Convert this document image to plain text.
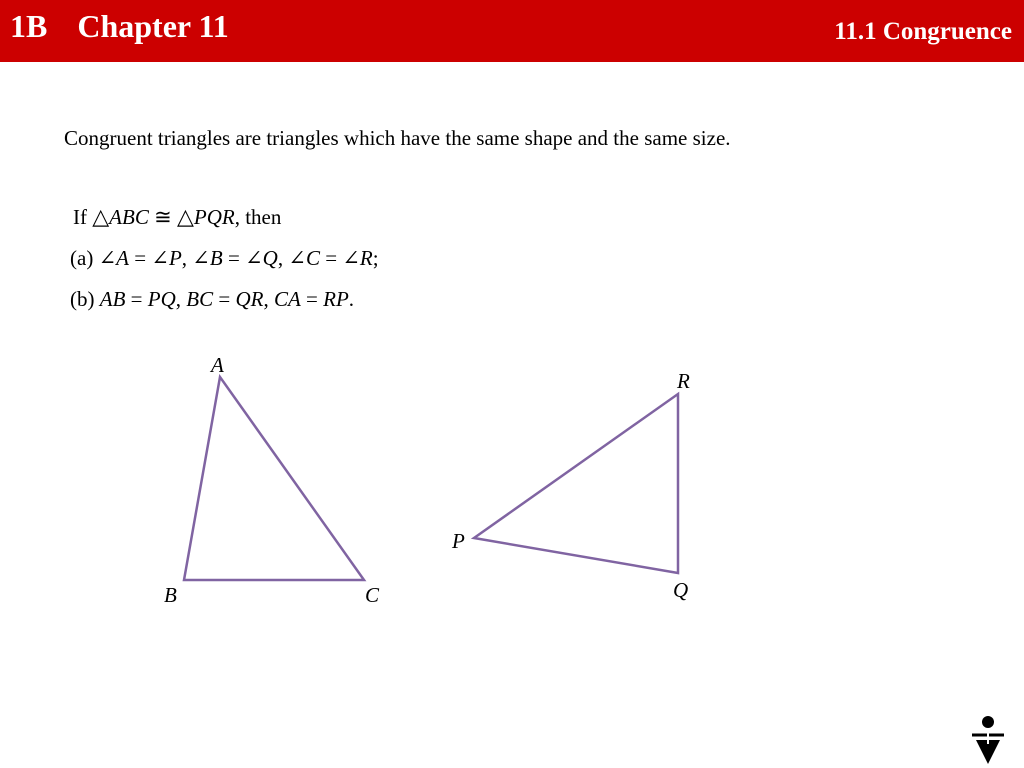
1B Chapter 11	11.1 Congruence
Congruent triangles are triangles which have the same shape and the same size.
If △ABC ≅ △PQR, then
(a) ∠A = ∠P, ∠B = ∠Q, ∠C = ∠R;
(b) AB = PQ, BC = QR, CA = RP.
A
B	C
P
Q
R
